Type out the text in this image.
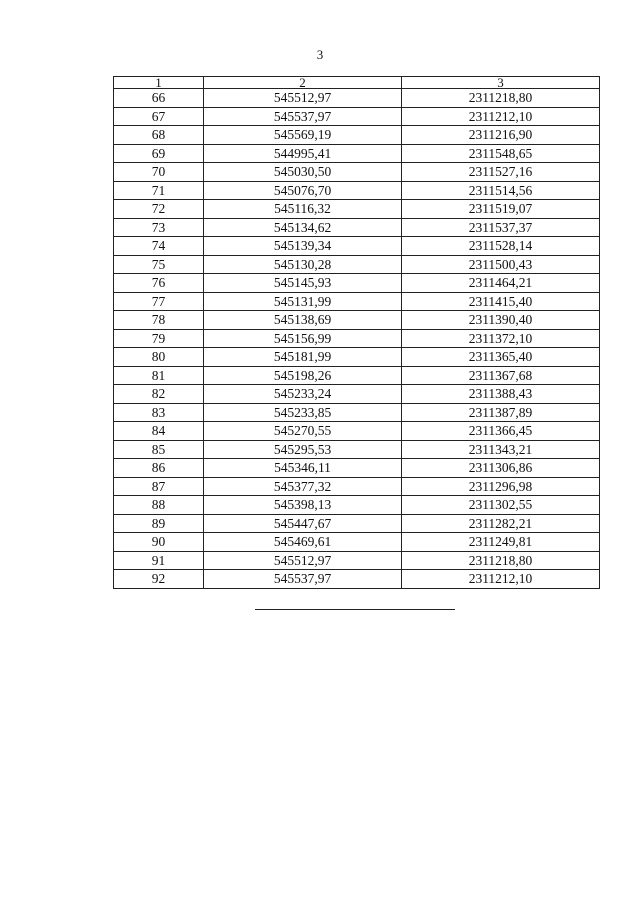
3
1	2	3
66	545512,97	2311218,80
67	545537,97	2311212,10
68	545569,19	2311216,90
69	544995,41	2311548,65
70	545030,50	2311527,16
71	545076,70	2311514,56
72	545116,32	2311519,07
73	545134,62	2311537,37
74	545139,34	2311528,14
75	545130,28	2311500,43
76	545145,93	2311464,21
77	545131,99	2311415,40
78	545138,69	2311390,40
79	545156,99	2311372,10
80	545181,99	2311365,40
81	545198,26	2311367,68
82	545233,24	2311388,43
83	545233,85	2311387,89
84	545270,55	2311366,45
85	545295,53	2311343,21
86	545346,11	2311306,86
87	545377,32	2311296,98
88	545398,13	2311302,55
89	545447,67	2311282,21
90	545469,61	2311249,81
91	545512,97	2311218,80
92	545537,97	2311212,10
